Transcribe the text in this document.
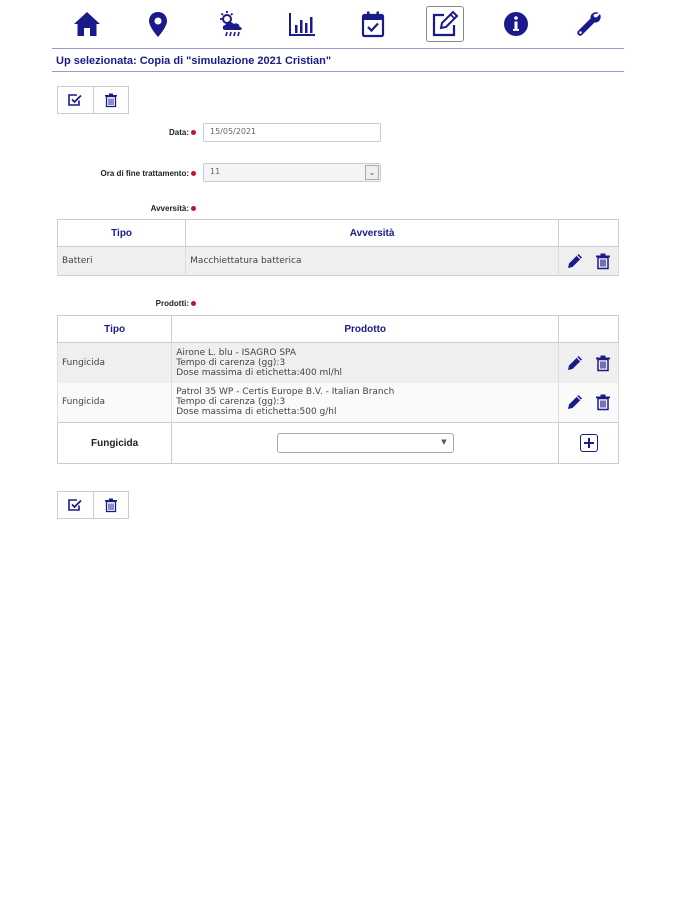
Up selezionata: Copia di "simulazione 2021 Cristian"
Data:	15/05/2021
Ora di fine trattamento:	11	⌄
Avversità:
Tipo	Avversità	
Batteri	Macchiettatura batterica	

Prodotti:
Tipo	Prodotto	
Fungicida	Airone L. blu - ISAGRO SPA
Tempo di carenza (gg):3
Dose massima di etichetta:400 ml/hl

Fungicida	Patrol 35 WP - Certis Europe B.V. - Italian Branch
Tempo di carenza (gg):3
Dose massima di etichetta:500 g/hl

Fungicida	▼	
